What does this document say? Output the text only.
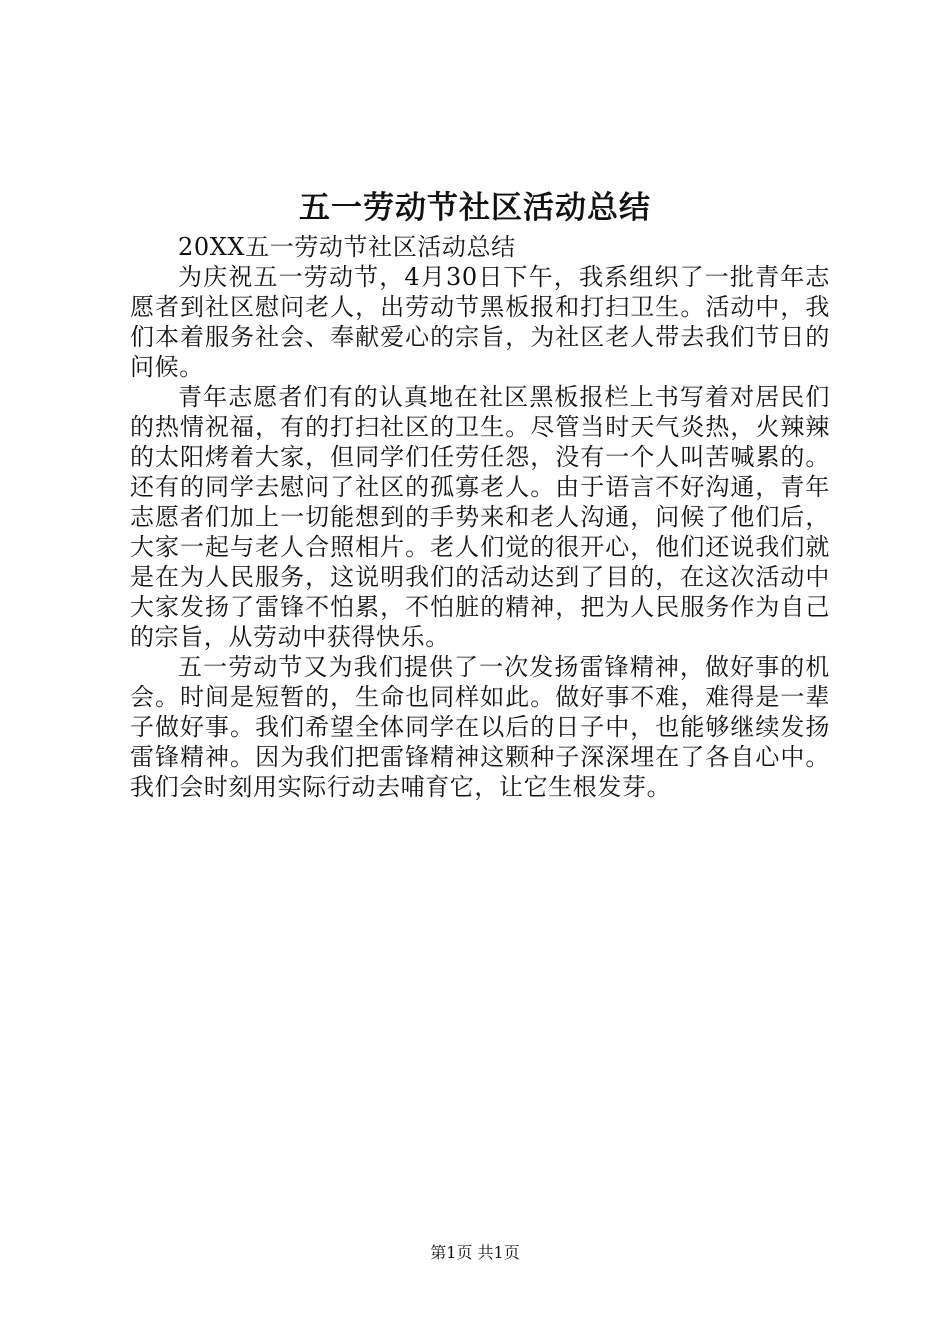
五一劳动节社区活动总结

20XX五一劳动节社区活动总结

为庆祝五一劳动节，4月30日下午，我系组织了一批青年志愿者到社区慰问老人，出劳动节黑板报和打扫卫生。活动中，我们本着服务社会、奉献爱心的宗旨，为社区老人带去我们节日的问候。

青年志愿者们有的认真地在社区黑板报栏上书写着对居民们的热情祝福，有的打扫社区的卫生。尽管当时天气炎热，火辣辣的太阳烤着大家，但同学们任劳任怨，没有一个人叫苦喊累的。还有的同学去慰问了社区的孤寡老人。由于语言不好沟通，青年志愿者们加上一切能想到的手势来和老人沟通，问候了他们后，大家一起与老人合照相片。老人们觉的很开心，他们还说我们就是在为人民服务，这说明我们的活动达到了目的，在这次活动中大家发扬了雷锋不怕累，不怕脏的精神，把为人民服务作为自己的宗旨，从劳动中获得快乐。

五一劳动节又为我们提供了一次发扬雷锋精神，做好事的机会。时间是短暂的，生命也同样如此。做好事不难，难得是一辈子做好事。我们希望全体同学在以后的日子中，也能够继续发扬雷锋精神。因为我们把雷锋精神这颗种子深深埋在了各自心中。我们会时刻用实际行动去哺育它，让它生根发芽。

第1页 共1页
